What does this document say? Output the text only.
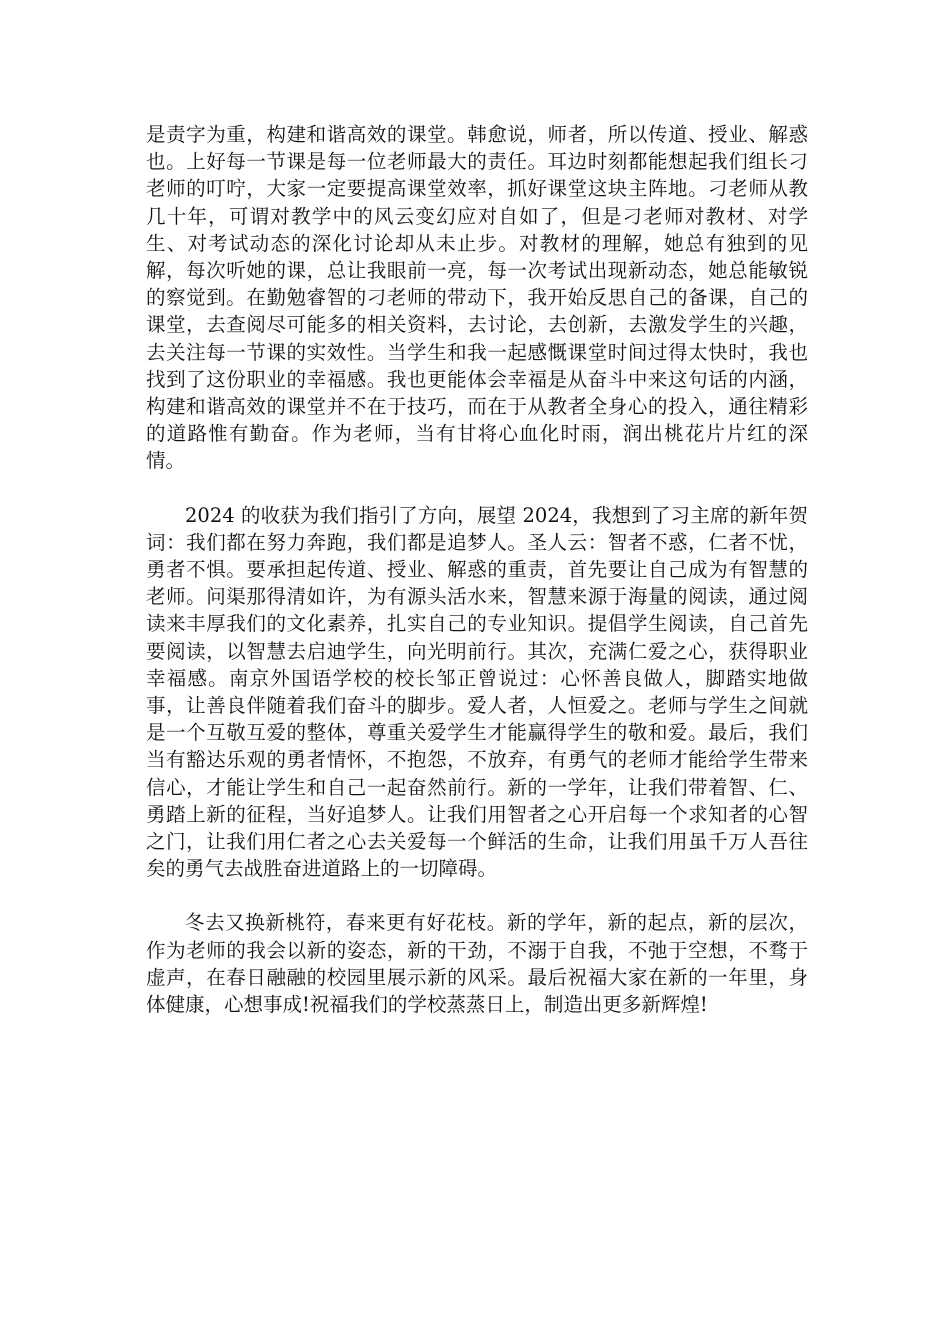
是责字为重，构建和谐高效的课堂。韩愈说，师者，所以传道、授业、解惑也。上好每一节课是每一位老师最大的责任。耳边时刻都能想起我们组长刁老师的叮咛，大家一定要提高课堂效率，抓好课堂这块主阵地。刁老师从教几十年，可谓对教学中的风云变幻应对自如了，但是刁老师对教材、对学生、对考试动态的深化讨论却从未止步。对教材的理解，她总有独到的见解，每次听她的课，总让我眼前一亮，每一次考试出现新动态，她总能敏锐的察觉到。在勤勉睿智的刁老师的带动下，我开始反思自己的备课，自己的课堂，去查阅尽可能多的相关资料，去讨论，去创新，去激发学生的兴趣，去关注每一节课的实效性。当学生和我一起感慨课堂时间过得太快时，我也找到了这份职业的幸福感。我也更能体会幸福是从奋斗中来这句话的内涵，构建和谐高效的课堂并不在于技巧，而在于从教者全身心的投入，通往精彩的道路惟有勤奋。作为老师，当有甘将心血化时雨，润出桃花片片红的深情。

2024 的收获为我们指引了方向，展望 2024，我想到了习主席的新年贺词：我们都在努力奔跑，我们都是追梦人。圣人云：智者不惑，仁者不忧，勇者不惧。要承担起传道、授业、解惑的重责，首先要让自己成为有智慧的老师。问渠那得清如许，为有源头活水来，智慧来源于海量的阅读，通过阅读来丰厚我们的文化素养，扎实自己的专业知识。提倡学生阅读，自己首先要阅读，以智慧去启迪学生，向光明前行。其次，充满仁爱之心，获得职业幸福感。南京外国语学校的校长邹正曾说过：心怀善良做人，脚踏实地做事，让善良伴随着我们奋斗的脚步。爱人者，人恒爱之。老师与学生之间就是一个互敬互爱的整体，尊重关爱学生才能赢得学生的敬和爱。最后，我们当有豁达乐观的勇者情怀，不抱怨，不放弃，有勇气的老师才能给学生带来信心，才能让学生和自己一起奋然前行。新的一学年，让我们带着智、仁、勇踏上新的征程，当好追梦人。让我们用智者之心开启每一个求知者的心智之门，让我们用仁者之心去关爱每一个鲜活的生命，让我们用虽千万人吾往矣的勇气去战胜奋进道路上的一切障碍。

冬去又换新桃符，春来更有好花枝。新的学年，新的起点，新的层次，作为老师的我会以新的姿态，新的干劲，不溺于自我，不弛于空想，不骛于虚声，在春日融融的校园里展示新的风采。最后祝福大家在新的一年里，身体健康，心想事成!祝福我们的学校蒸蒸日上，制造出更多新辉煌!
